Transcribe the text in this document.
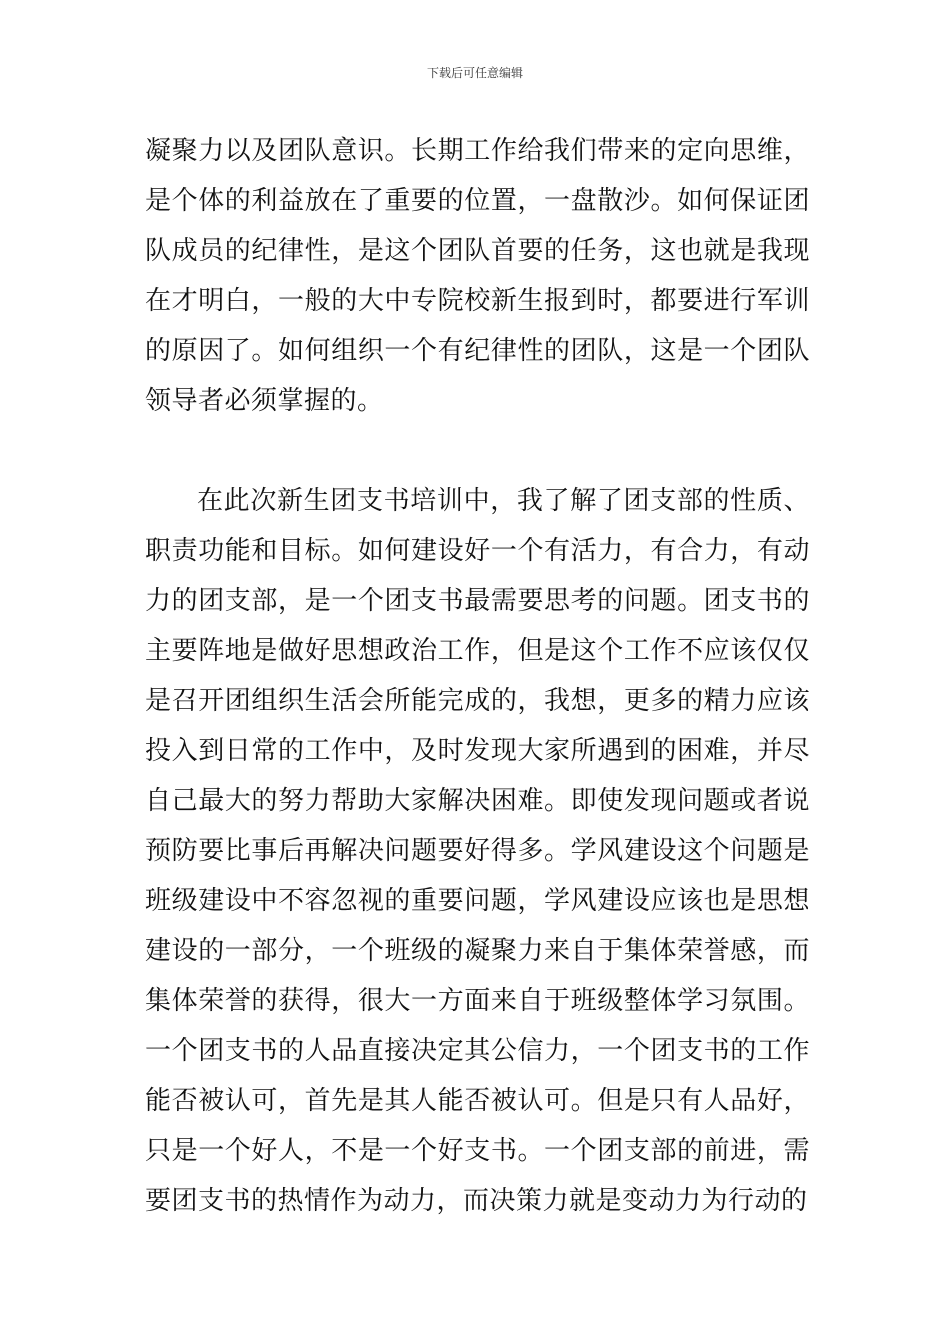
下载后可任意编辑

凝聚力以及团队意识。长期工作给我们带来的定向思维，是个体的利益放在了重要的位置，一盘散沙。如何保证团队成员的纪律性，是这个团队首要的任务，这也就是我现在才明白，一般的大中专院校新生报到时，都要进行军训的原因了。如何组织一个有纪律性的团队，这是一个团队领导者必须掌握的。

在此次新生团支书培训中，我了解了团支部的性质、职责功能和目标。如何建设好一个有活力，有合力，有动力的团支部，是一个团支书最需要思考的问题。团支书的主要阵地是做好思想政治工作，但是这个工作不应该仅仅是召开团组织生活会所能完成的，我想，更多的精力应该投入到日常的工作中，及时发现大家所遇到的困难，并尽自己最大的努力帮助大家解决困难。即使发现问题或者说预防要比事后再解决问题要好得多。学风建设这个问题是班级建设中不容忽视的重要问题，学风建设应该也是思想建设的一部分，一个班级的凝聚力来自于集体荣誉感，而集体荣誉的获得，很大一方面来自于班级整体学习氛围。一个团支书的人品直接决定其公信力，一个团支书的工作能否被认可，首先是其人能否被认可。但是只有人品好，只是一个好人，不是一个好支书。一个团支部的前进，需要团支书的热情作为动力，而决策力就是变动力为行动的
